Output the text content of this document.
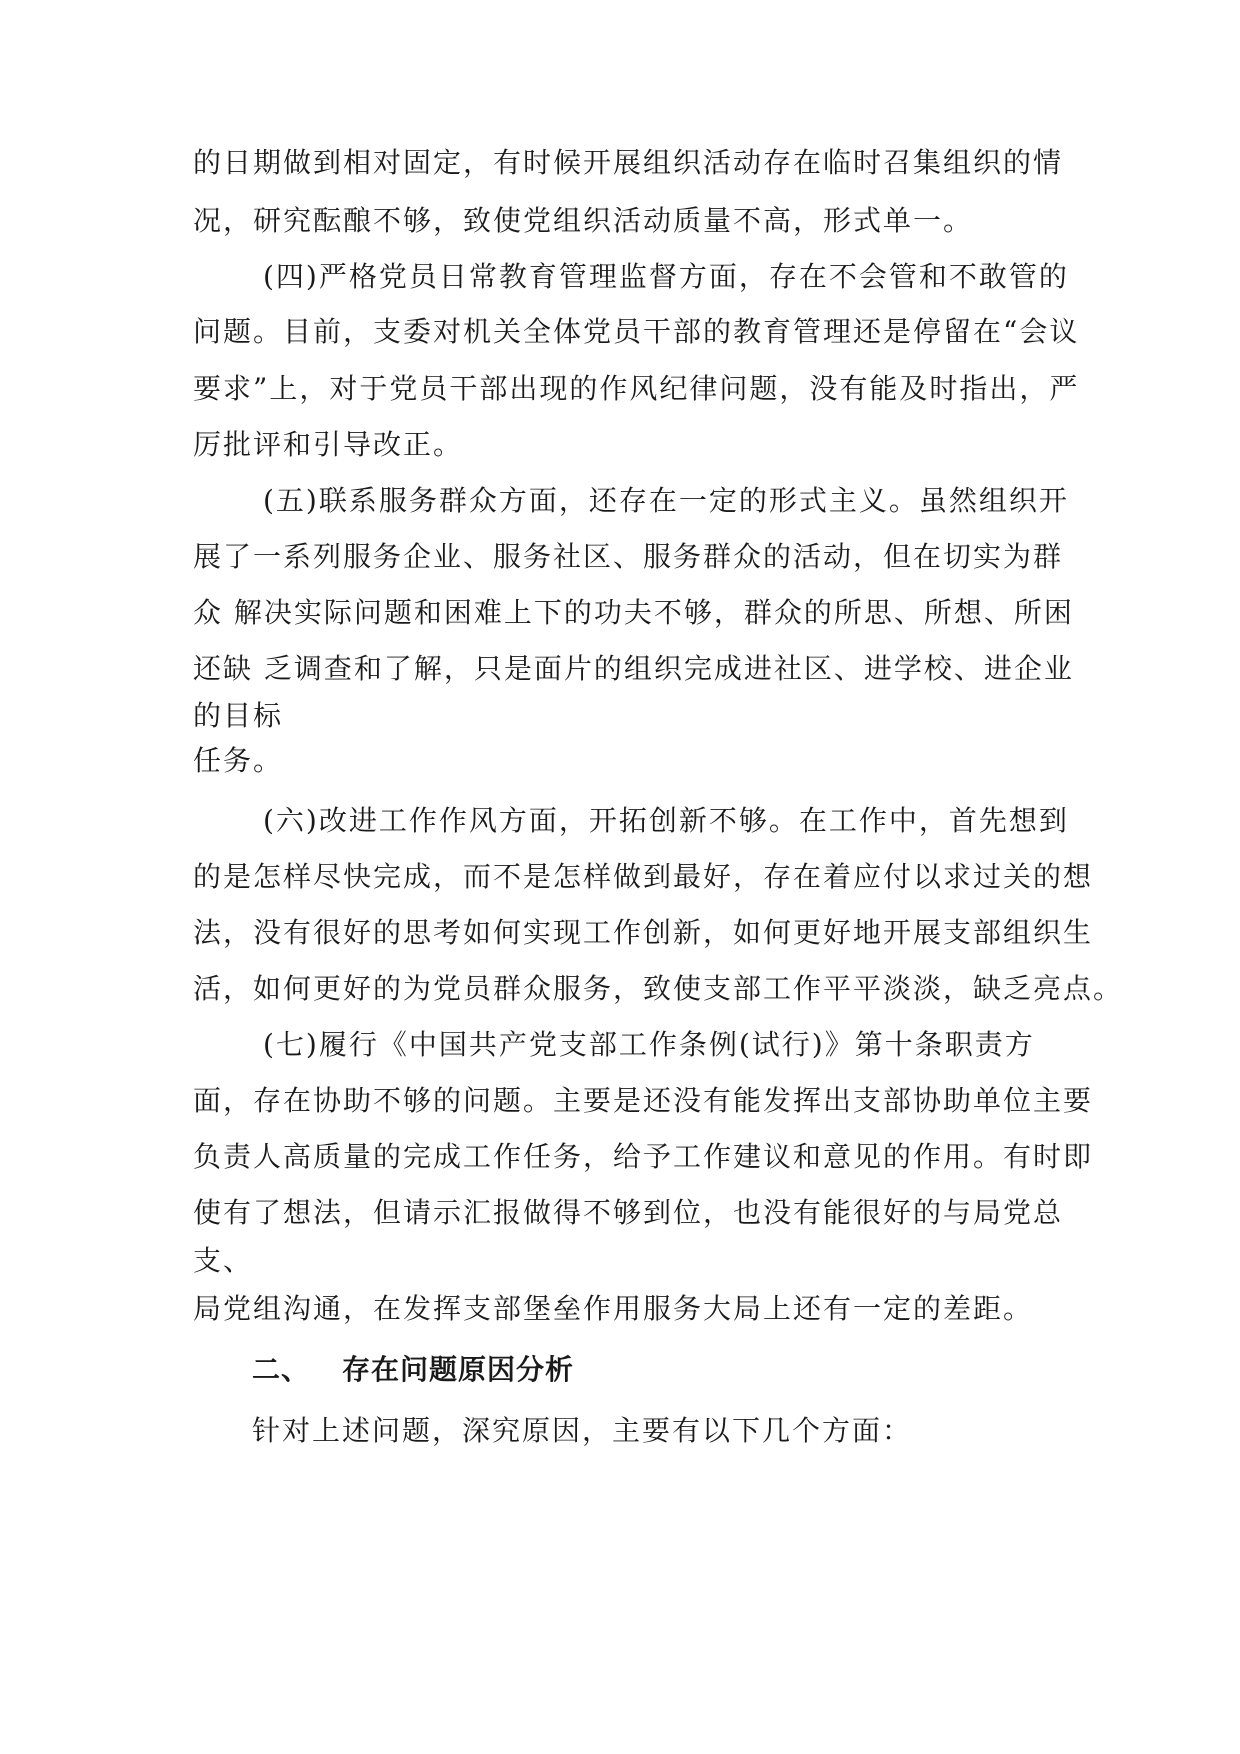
的日期做到相对固定，有时候开展组织活动存在临时召集组织的情
况，研究酝酿不够，致使党组织活动质量不高，形式单一。
(四)严格党员日常教育管理监督方面，存在不会管和不敢管的
问题。目前，支委对机关全体党员干部的教育管理还是停留在“会议
要求”上，对于党员干部出现的作风纪律问题，没有能及时指出，严
厉批评和引导改正。
(五)联系服务群众方面，还存在一定的形式主义。虽然组织开
展了一系列服务企业、服务社区、服务群众的活动，但在切实为群
众 解决实际问题和困难上下的功夫不够，群众的所思、所想、所困
还缺 乏调查和了解，只是面片的组织完成进社区、进学校、进企业
的目标
任务。
(六)改进工作作风方面，开拓创新不够。在工作中，首先想到
的是怎样尽快完成，而不是怎样做到最好，存在着应付以求过关的想
法，没有很好的思考如何实现工作创新，如何更好地开展支部组织生
活，如何更好的为党员群众服务，致使支部工作平平淡淡，缺乏亮点。
(七)履行《中国共产党支部工作条例(试行)》第十条职责方
面，存在协助不够的问题。主要是还没有能发挥出支部协助单位主要
负责人高质量的完成工作任务，给予工作建议和意见的作用。有时即
使有了想法，但请示汇报做得不够到位，也没有能很好的与局党总
支、
局党组沟通，在发挥支部堡垒作用服务大局上还有一定的差距。
二、 存在问题原因分析
针对上述问题，深究原因，主要有以下几个方面：
